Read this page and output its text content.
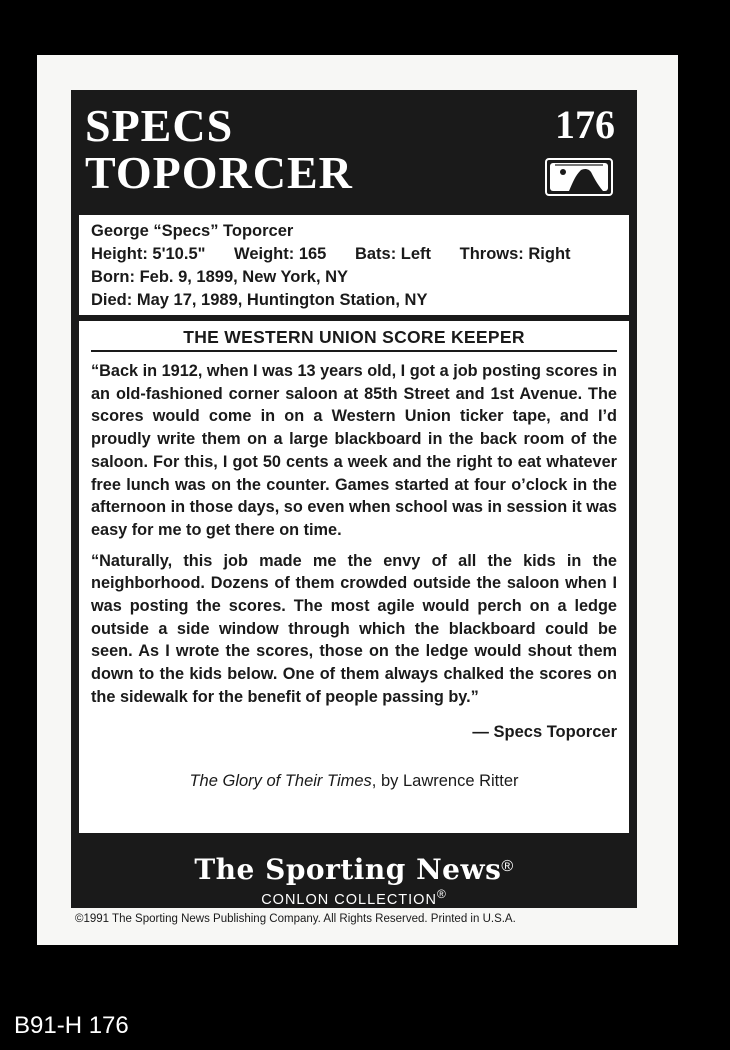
SPECS
TOPORCER
176
George “Specs” Toporcer
Height: 5'10.5" Weight: 165 Bats: Left Throws: Right
Born: Feb. 9, 1899, New York, NY
Died: May 17, 1989, Huntington Station, NY
THE WESTERN UNION SCORE KEEPER

“Back in 1912, when I was 13 years old, I got a job posting scores in an old-fashioned corner saloon at 85th Street and 1st Avenue. The scores would come in on a Western Union ticker tape, and I’d proudly write them on a large blackboard in the back room of the saloon. For this, I got 50 cents a week and the right to eat whatever free lunch was on the counter. Games started at four o’clock in the afternoon in those days, so even when school was in session it was easy for me to get there on time.

“Naturally, this job made me the envy of all the kids in the neighborhood. Dozens of them crowded outside the saloon when I was posting the scores. The most agile would perch on a ledge outside a side window through which the blackboard could be seen. As I wrote the scores, those on the ledge would shout them down to the kids below. One of them always chalked the scores on the sidewalk for the benefit of people passing by.”

— Specs Toporcer
The Glory of Their Times, by Lawrence Ritter
The Sporting News®
CONLON COLLECTION®
©1991 The Sporting News Publishing Company. All Rights Reserved. Printed in U.S.A.
B91-H 176
